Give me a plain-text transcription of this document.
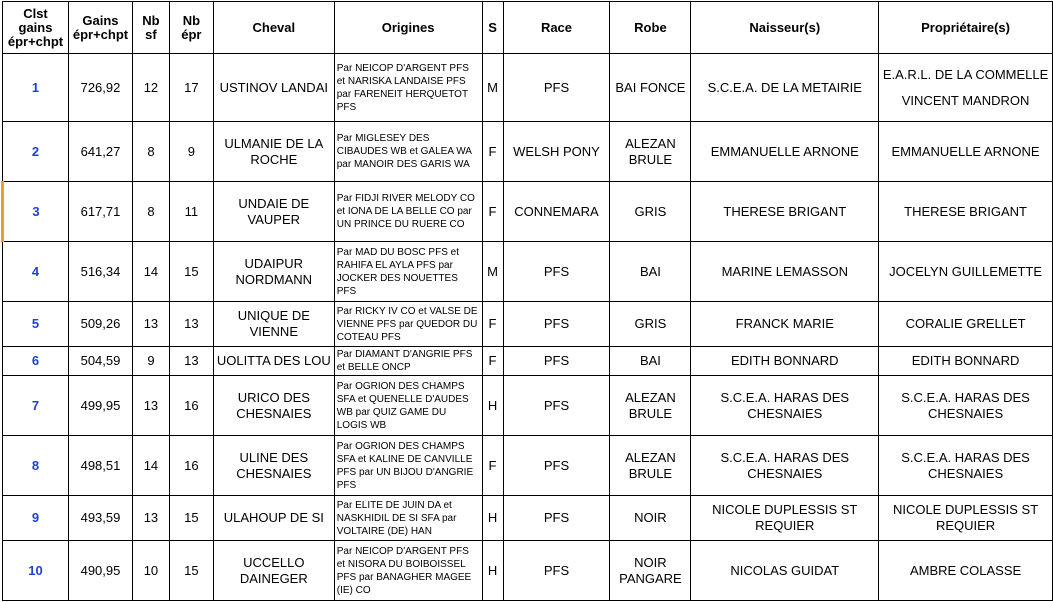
Clst gains épr+chpt	Gains épr+chpt	Nb sf	Nb épr	Cheval	Origines	S	Race	Robe	Naisseur(s)	Propriétaire(s)
1	726,92	12	17	USTINOV LANDAI	Par NEICOP D'ARGENT PFS et NARISKA LANDAISE PFS par FARENEIT HERQUETOT PFS	M	PFS	BAI FONCE	S.C.E.A. DE LA METAIRIE	E.A.R.L. DE LA COMMELLE
VINCENT MANDRON

2	641,27	8	9	ULMANIE DE LA ROCHE	Par MIGLESEY DES CIBAUDES WB et GALEA WA par MANOIR DES GARIS WA	F	WELSH PONY	ALEZAN BRULE	EMMANUELLE ARNONE	EMMANUELLE ARNONE
3	617,71	8	11	UNDAIE DE VAUPER	Par FIDJI RIVER MELODY CO et IONA DE LA BELLE CO par UN PRINCE DU RUERE CO	F	CONNEMARA	GRIS	THERESE BRIGANT	THERESE BRIGANT
4	516,34	14	15	UDAIPUR NORDMANN	Par MAD DU BOSC PFS et RAHIFA EL AYLA PFS par JOCKER DES NOUETTES PFS	M	PFS	BAI	MARINE LEMASSON	JOCELYN GUILLEMETTE
5	509,26	13	13	UNIQUE DE VIENNE	Par RICKY IV CO et VALSE DE VIENNE PFS par QUEDOR DU COTEAU PFS	F	PFS	GRIS	FRANCK MARIE	CORALIE GRELLET
6	504,59	9	13	UOLITTA DES LOU	Par DIAMANT D'ANGRIE PFS et BELLE ONCP	F	PFS	BAI	EDITH BONNARD	EDITH BONNARD
7	499,95	13	16	URICO DES CHESNAIES	Par OGRION DES CHAMPS SFA et QUENELLE D'AUDES WB par QUIZ GAME DU LOGIS WB	H	PFS	ALEZAN BRULE	S.C.E.A. HARAS DES CHESNAIES	S.C.E.A. HARAS DES CHESNAIES
8	498,51	14	16	ULINE DES CHESNAIES	Par OGRION DES CHAMPS SFA et KALINE DE CANVILLE PFS par UN BIJOU D'ANGRIE PFS	F	PFS	ALEZAN BRULE	S.C.E.A. HARAS DES CHESNAIES	S.C.E.A. HARAS DES CHESNAIES
9	493,59	13	15	ULAHOUP DE SI	Par ELITE DE JUIN DA et NASKHIDIL DE SI SFA par VOLTAIRE (DE) HAN	H	PFS	NOIR	NICOLE DUPLESSIS ST REQUIER	NICOLE DUPLESSIS ST REQUIER
10	490,95	10	15	UCCELLO DAINEGER	Par NEICOP D'ARGENT PFS et NISORA DU BOIBOISSEL PFS par BANAGHER MAGEE (IE) CO	H	PFS	NOIR PANGARE	NICOLAS GUIDAT	AMBRE COLASSE
